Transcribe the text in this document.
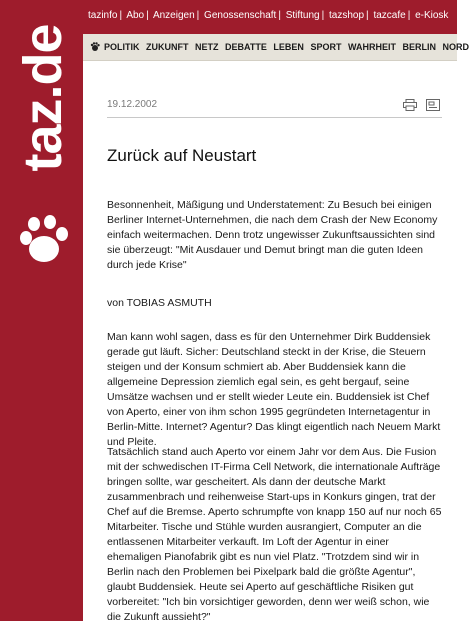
taz.de
tazinfo | Abo | Anzeigen | Genossenschaft | Stiftung | tazshop | tazcafe | e-Kiosk
POLITIK ZUKUNFT NETZ DEBATTE LEBEN SPORT WAHRHEIT BERLIN NORD
19.12.2002

Zurück auf Neustart
Besonnenheit, Mäßigung und Understatement: Zu Besuch bei einigen Berliner Internet-Unternehmen, die nach dem Crash der New Economy einfach weitermachen. Denn trotz ungewisser Zukunftsaussichten sind sie überzeugt: "Mit Ausdauer und Demut bringt man die guten Ideen durch jede Krise"
von TOBIAS ASMUTH
Man kann wohl sagen, dass es für den Unternehmer Dirk Buddensiek gerade gut läuft. Sicher: Deutschland steckt in der Krise, die Steuern steigen und der Konsum schmiert ab. Aber Buddensiek kann die allgemeine Depression ziemlich egal sein, es geht bergauf, seine Umsätze wachsen und er stellt wieder Leute ein. Buddensiek ist Chef von Aperto, einer von ihm schon 1995 gegründeten Internetagentur in Berlin-Mitte. Internet? Agentur? Das klingt eigentlich nach Neuem Markt und Pleite.
Tatsächlich stand auch Aperto vor einem Jahr vor dem Aus. Die Fusion mit der schwedischen IT-Firma Cell Network, die internationale Aufträge bringen sollte, war gescheitert. Als dann der deutsche Markt zusammenbrach und reihenweise Start-ups in Konkurs gingen, trat der Chef auf die Bremse. Aperto schrumpfte von knapp 150 auf nur noch 65 Mitarbeiter. Tische und Stühle wurden ausrangiert, Computer an die entlassenen Mitarbeiter verkauft. Im Loft der Agentur in einer ehemaligen Pianofabrik gibt es nun viel Platz. "Trotzdem sind wir in Berlin nach den Problemen bei Pixelpark bald die größte Agentur", glaubt Buddensiek. Heute sei Aperto auf geschäftliche Risiken gut vorbereitet: "Ich bin vorsichtiger geworden, denn wer weiß schon, wie die Zukunft aussieht?"
